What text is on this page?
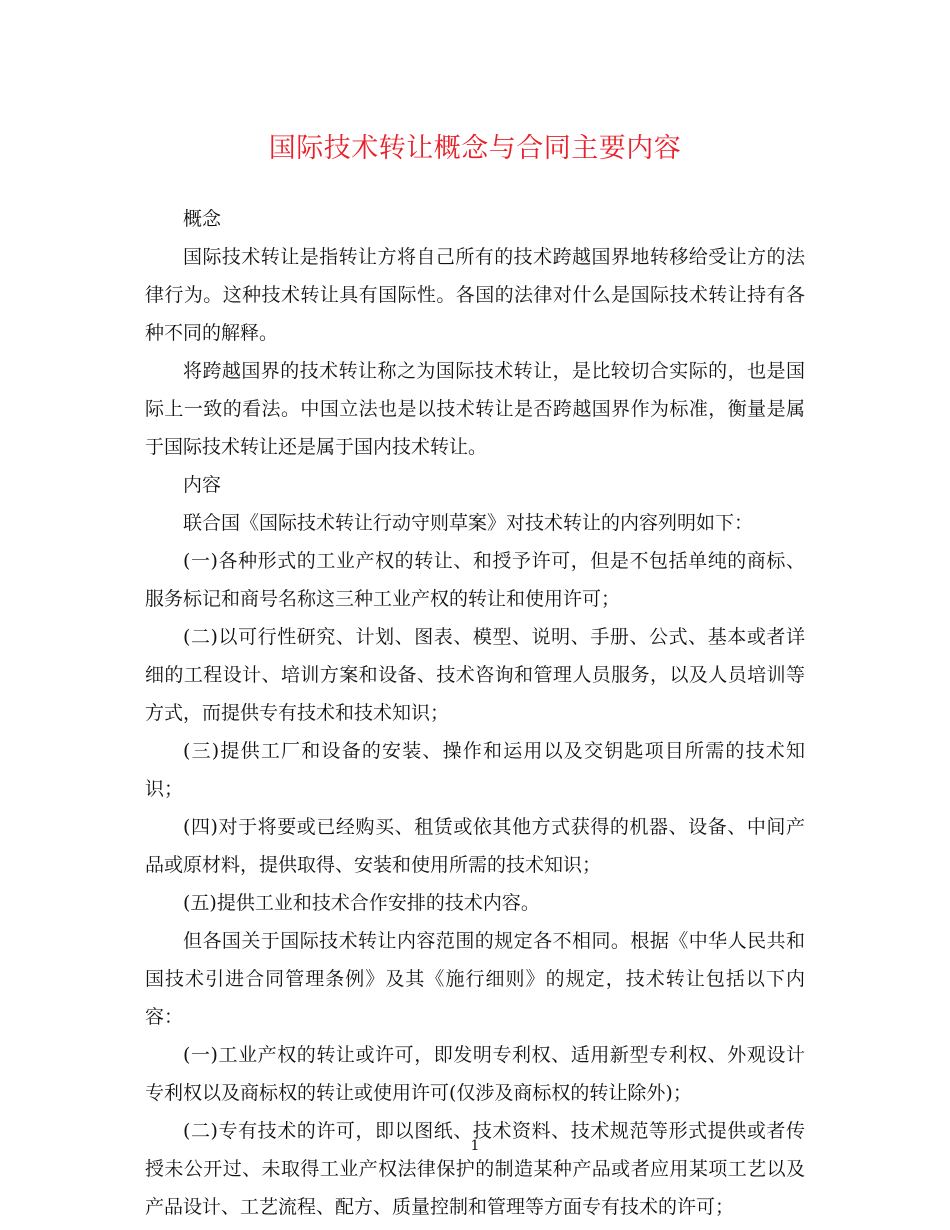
国际技术转让概念与合同主要内容

概念

国际技术转让是指转让方将自己所有的技术跨越国界地转移给受让方的法律行为。这种技术转让具有国际性。各国的法律对什么是国际技术转让持有各种不同的解释。

将跨越国界的技术转让称之为国际技术转让，是比较切合实际的，也是国际上一致的看法。中国立法也是以技术转让是否跨越国界作为标准，衡量是属于国际技术转让还是属于国内技术转让。

内容

联合国《国际技术转让行动守则草案》对技术转让的内容列明如下：

(一)各种形式的工业产权的转让、和授予许可，但是不包括单纯的商标、服务标记和商号名称这三种工业产权的转让和使用许可；

(二)以可行性研究、计划、图表、模型、说明、手册、公式、基本或者详细的工程设计、培训方案和设备、技术咨询和管理人员服务，以及人员培训等方式，而提供专有技术和技术知识；

(三)提供工厂和设备的安装、操作和运用以及交钥匙项目所需的技术知识；

(四)对于将要或已经购买、租赁或依其他方式获得的机器、设备、中间产品或原材料，提供取得、安装和使用所需的技术知识；

(五)提供工业和技术合作安排的技术内容。

但各国关于国际技术转让内容范围的规定各不相同。根据《中华人民共和国技术引进合同管理条例》及其《施行细则》的规定，技术转让包括以下内容：

(一)工业产权的转让或许可，即发明专利权、适用新型专利权、外观设计专利权以及商标权的转让或使用许可(仅涉及商标权的转让除外)；

(二)专有技术的许可，即以图纸、技术资料、技术规范等形式提供或者传授未公开过、未取得工业产权法律保护的制造某种产品或者应用某项工艺以及产品设计、工艺流程、配方、质量控制和管理等方面专有技术的许可；

1
